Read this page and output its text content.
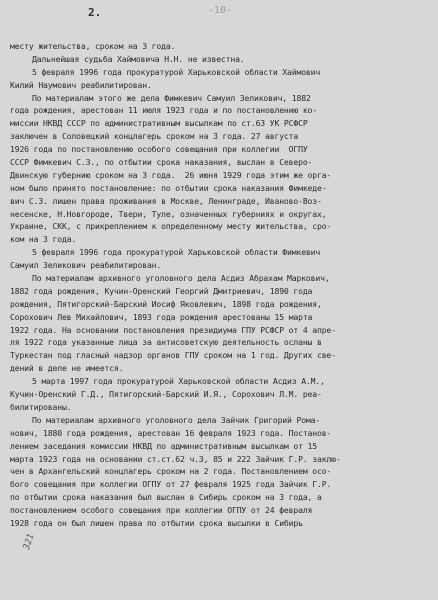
2.	-10-
месту жительства, сроком на 3 года.
Дальнейшая судьба Хаймовича Н.Н. не известна.
5 февраля 1996 года прокуратурой Харьковской области Хаймович
Килий Наумович реабилитирован.
По материалам этого же дела Фимкевич Самуил Зеликович, 1882
года рождения, арестован 11 июля 1923 года и по постановлению ко-
миссии НКВД СССР по административным высылкам по ст.63 УК РСФСР
заключен в Соловецкий концлагерь сроком на 3 года. 27 августа
1926 года по постановлению особого совещания при коллегии  ОГПУ
СССР Фимкевич С.З., по отбытии срока наказания, выслан в Северо-
Двинскую губернию сроком на 3 года.  26 июня 1929 года этим же орга-
ном было принято постановление: по отбытии срока наказания Фимкеде-
вич С.З. лишен права проживания в Москве, Ленинграде, Иваново-Воз-
несенске, Н.Новгороде, Твери, Туле, означенных губерниях и округах,
Украине, СКК, с прикреплением к определенному месту жительства, сро-
ком на 3 года.
5 февраля 1996 года прокуратурой Харьковской области Фимкевич
Самуил Зеликович реабилитирован.
По материалам архивного уголовного дела Асдиз Абрахам Маркович,
1882 года рождения, Кучин-Оренский Георгий Дмитриевич, 1890 года
рождения, Пятигорский-Барский Иосиф Яковлевич, 1898 года рождения,
Сорохович Лев Михайлович, 1893 года рождения арестованы 15 марта
1922 года. На основании постановления президиума ГПУ РСФСР от 4 апре-
ля 1922 года указанные лица за антисоветскую деятельность осланы в
Туркестан под гласный надзор органов ГПУ сроком на 1 год. Других све-
дений в деле не имеется.
5 марта 1997 года прокуратурой Харьковской области Асдиз А.М.,
Кучин-Оренский Г.Д., Пятигорский-Барский И.Я., Сорохович Л.М. реа-
билитированы.
По материалам архивного уголовного дела Зайчик Григорий Рома-
нович, 1880 года рождения, арестован 16 февраля 1923 года. Постанов-
лением заседания комиссии НКВД по административным высылкам от 15
марта 1923 года на основании ст.ст.62 ч.3, 85 и 222 Зайчик Г.Р. заклю-
чен в Архангельский концлагерь сроком на 2 года. Постановлением осо-
бого совещания при коллегии ОГПУ от 27 февраля 1925 года Зайчик Г.Р.
по отбытии срока наказания был выслан в Сибирь сроком на 3 года, а
постановлением особого совещания при коллегии ОГПУ от 24 февраля
1928 года он был лишен права по отбытии срока высылки в Сибирь
321
